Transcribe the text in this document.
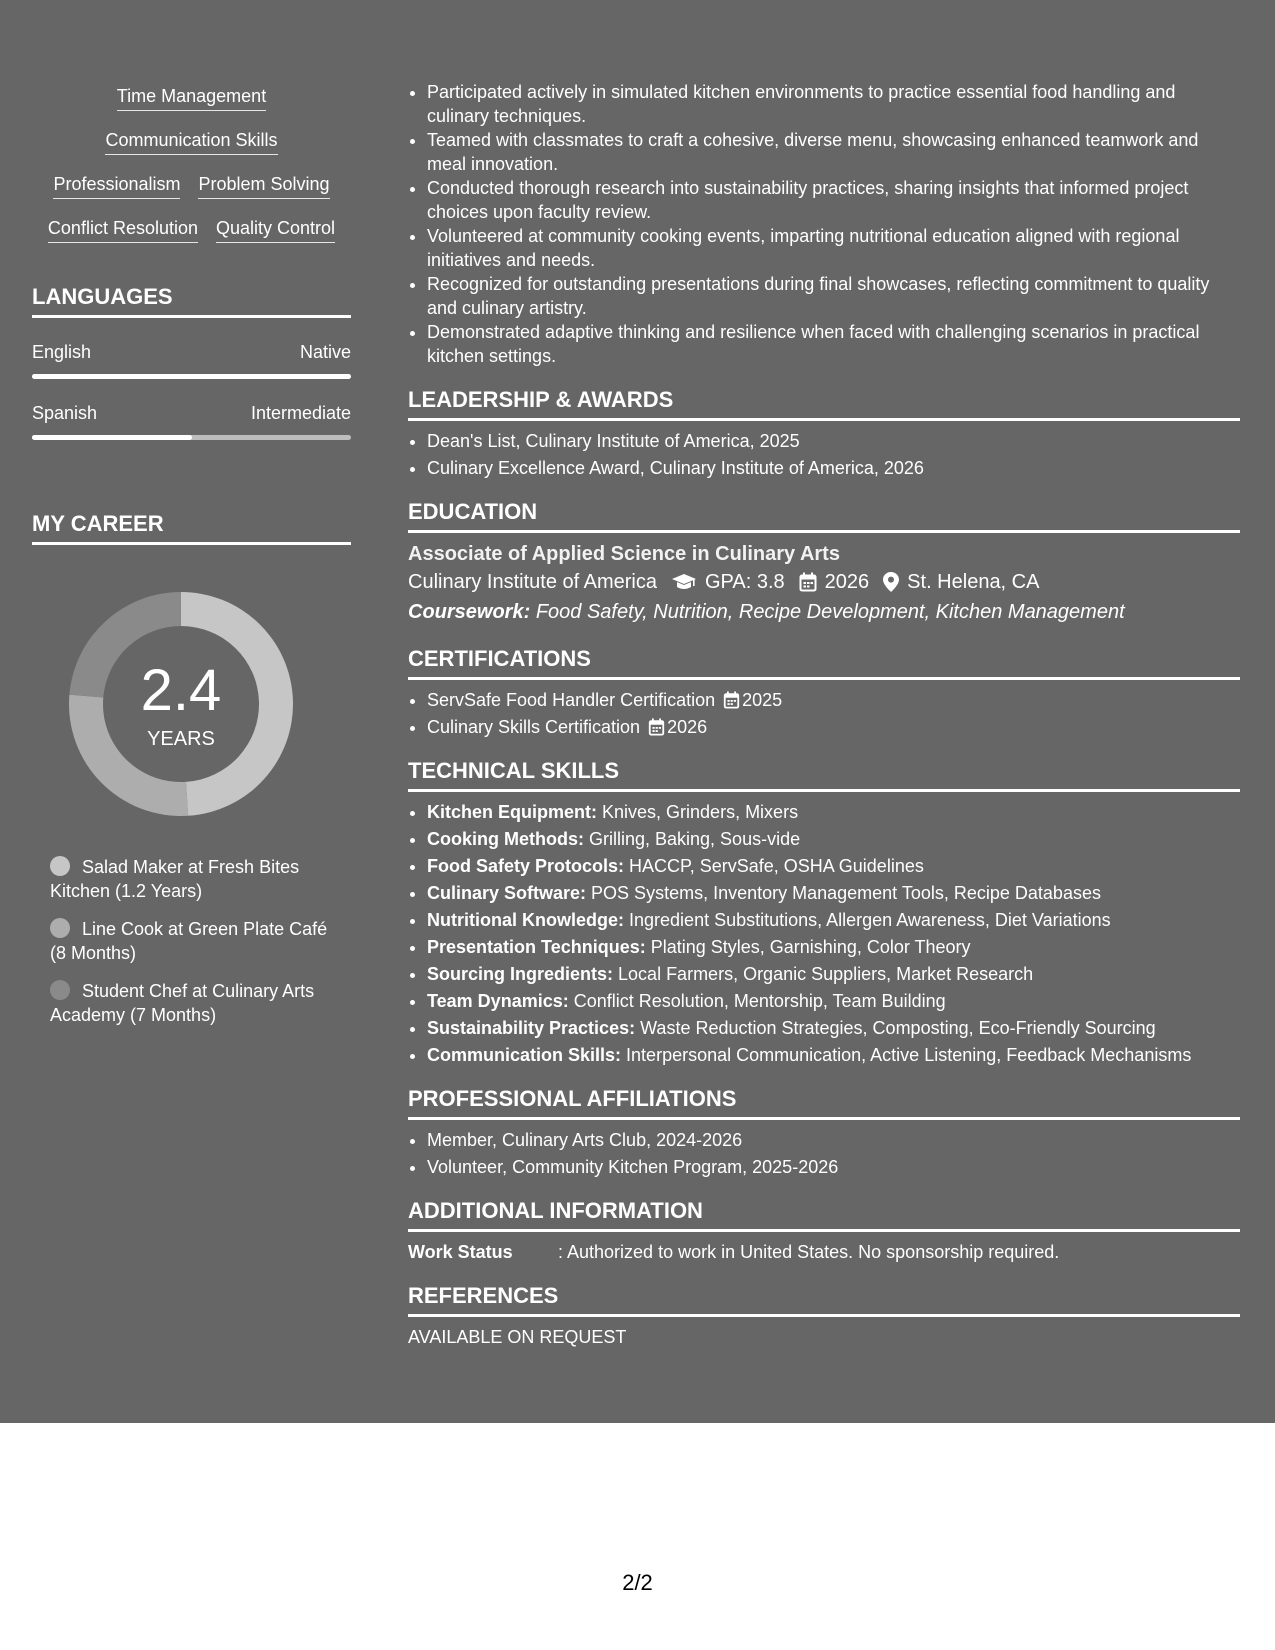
Time Management
Communication Skills
Professionalism Problem Solving
Conflict Resolution Quality Control
LANGUAGES
English	Native
Spanish	Intermediate
MY CAREER
2.4
YEARS
Salad Maker at Fresh Bites Kitchen (1.2 Years)
Line Cook at Green Plate Café (8 Months)
Student Chef at Culinary Arts Academy (7 Months)
• Participated actively in simulated kitchen environments to practice essential food handling and culinary techniques.
• Teamed with classmates to craft a cohesive, diverse menu, showcasing enhanced teamwork and meal innovation.
• Conducted thorough research into sustainability practices, sharing insights that informed project choices upon faculty review.
• Volunteered at community cooking events, imparting nutritional education aligned with regional initiatives and needs.
• Recognized for outstanding presentations during final showcases, reflecting commitment to quality and culinary artistry.
• Demonstrated adaptive thinking and resilience when faced with challenging scenarios in practical kitchen settings.
LEADERSHIP & AWARDS
• Dean's List, Culinary Institute of America, 2025
• Culinary Excellence Award, Culinary Institute of America, 2026
EDUCATION
Associate of Applied Science in Culinary Arts
Culinary Institute of America GPA: 3.8 2026 St. Helena, CA
Coursework: Food Safety, Nutrition, Recipe Development, Kitchen Management
CERTIFICATIONS
• ServSafe Food Handler Certification 2025
• Culinary Skills Certification 2026
TECHNICAL SKILLS
• Kitchen Equipment: Knives, Grinders, Mixers
• Cooking Methods: Grilling, Baking, Sous-vide
• Food Safety Protocols: HACCP, ServSafe, OSHA Guidelines
• Culinary Software: POS Systems, Inventory Management Tools, Recipe Databases
• Nutritional Knowledge: Ingredient Substitutions, Allergen Awareness, Diet Variations
• Presentation Techniques: Plating Styles, Garnishing, Color Theory
• Sourcing Ingredients: Local Farmers, Organic Suppliers, Market Research
• Team Dynamics: Conflict Resolution, Mentorship, Team Building
• Sustainability Practices: Waste Reduction Strategies, Composting, Eco-Friendly Sourcing
• Communication Skills: Interpersonal Communication, Active Listening, Feedback Mechanisms
PROFESSIONAL AFFILIATIONS
• Member, Culinary Arts Club, 2024-2026
• Volunteer, Community Kitchen Program, 2025-2026
ADDITIONAL INFORMATION
Work Status	: Authorized to work in United States. No sponsorship required.
REFERENCES
AVAILABLE ON REQUEST
2/2
